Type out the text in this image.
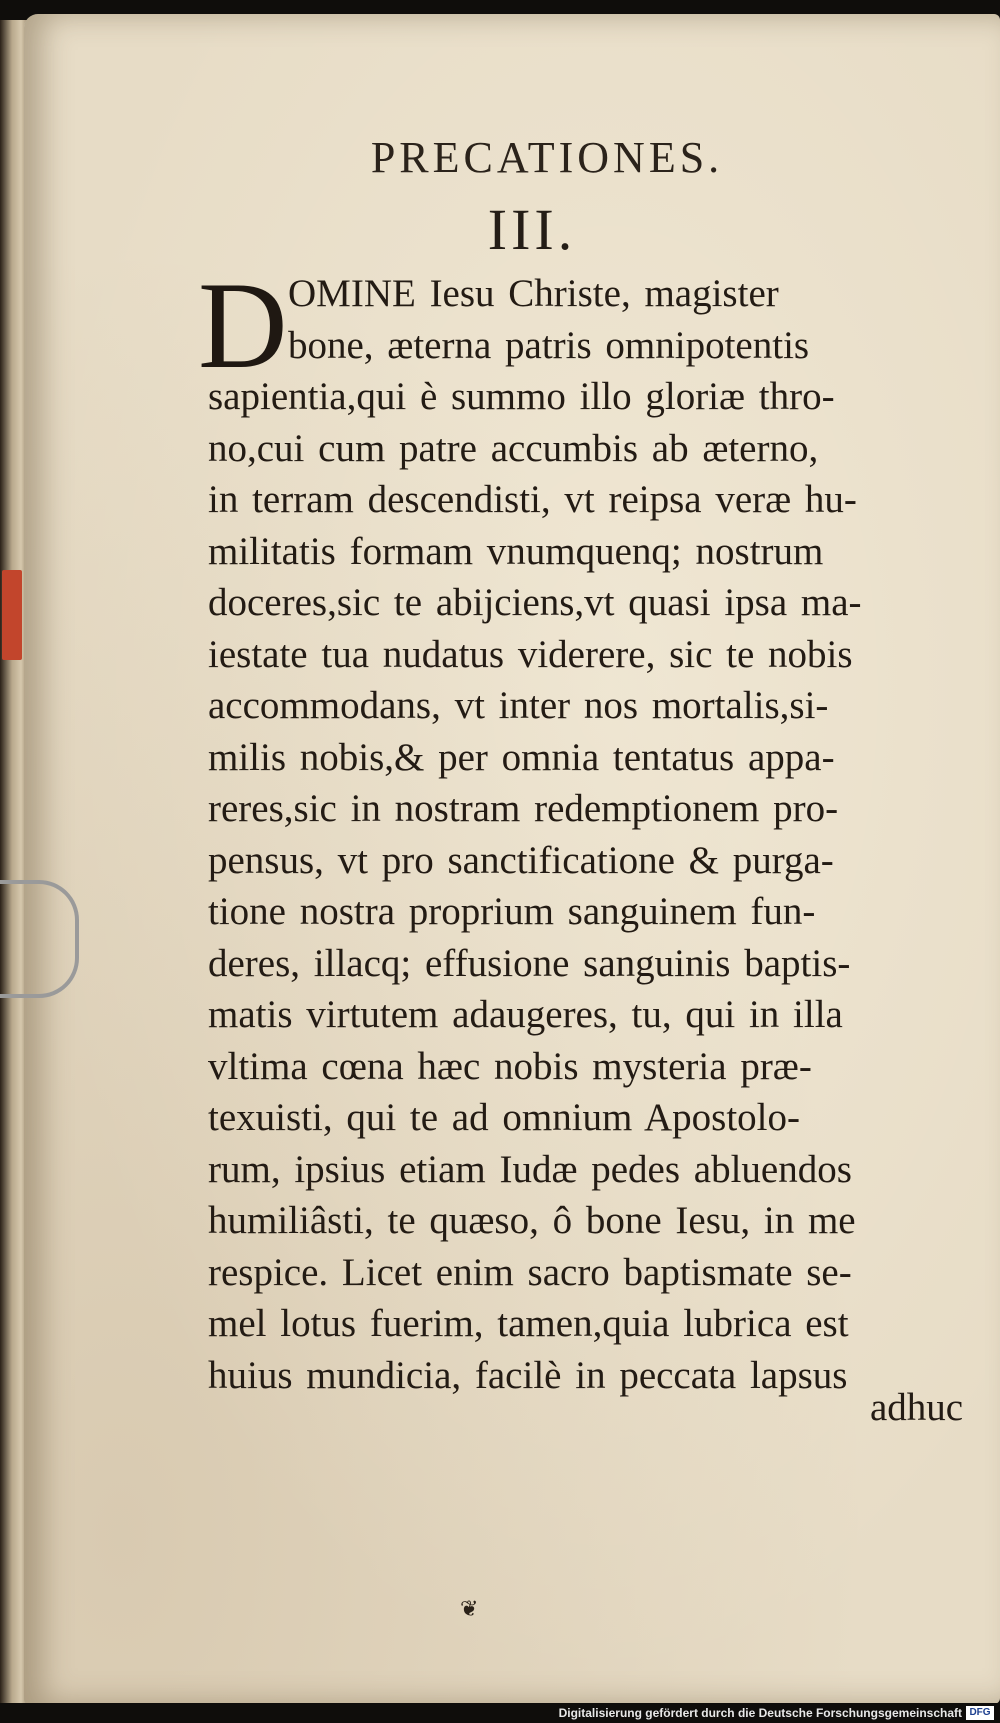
PRECATIONES.
III.
D OMINE Iesu Christe, magister
bone, æterna patris omnipotentis
sapientia,qui è summo illo gloriæ thro-
no,cui cum patre accumbis ab æterno,
in terram descendisti, vt reipsa veræ hu-
militatis formam vnumquenq; nostrum
doceres,sic te abijciens,vt quasi ipsa ma-
iestate tua nudatus viderere, sic te nobis
accommodans, vt inter nos mortalis,si-
milis nobis,& per omnia tentatus appa-
reres,sic in nostram redemptionem pro-
pensus, vt pro sanctificatione & purga-
tione nostra proprium sanguinem fun-
deres, illacq; effusione sanguinis baptis-
matis virtutem adaugeres, tu, qui in illa
vltima cœna hæc nobis mysteria præ-
texuisti, qui te ad omnium Apostolo-
rum, ipsius etiam Iudæ pedes abluendos
humiliâsti, te quæso, ô bone Iesu, in me
respice. Licet enim sacro baptismate se-
mel lotus fuerim, tamen,quia lubrica est
huius mundicia, facilè in peccata lapsus
adhuc
❦
Digitalisierung gefördert durch die Deutsche Forschungsgemeinschaft DFG
